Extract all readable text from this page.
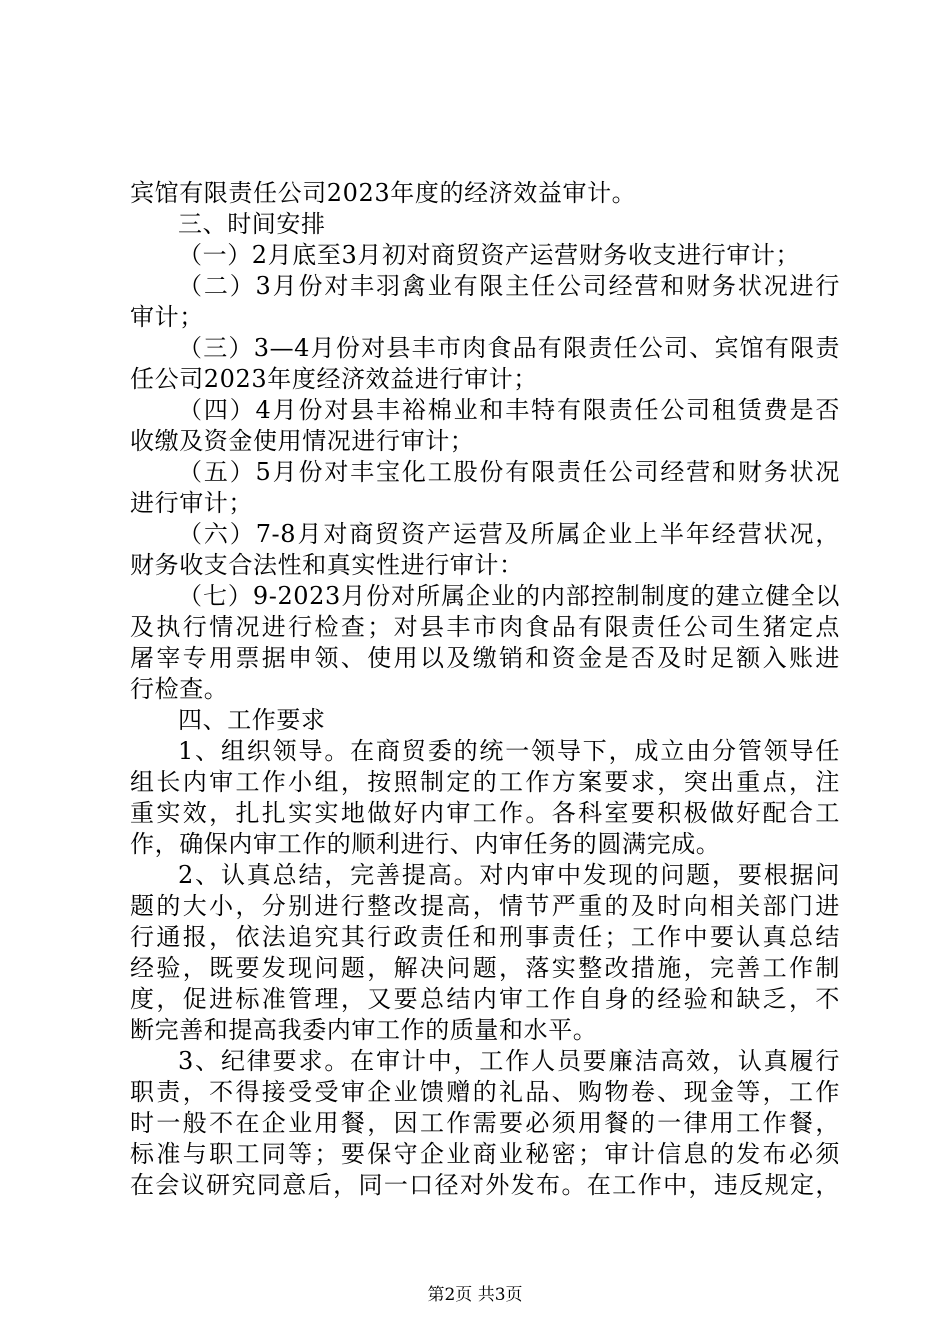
宾馆有限责任公司2023年度的经济效益审计。
三、时间安排
（一）2月底至3月初对商贸资产运营财务收支进行审计；
（二）3月份对丰羽禽业有限主任公司经营和财务状况进行
审计；
（三）3—4月份对县丰市肉食品有限责任公司、宾馆有限责
任公司2023年度经济效益进行审计；
（四）4月份对县丰裕棉业和丰特有限责任公司租赁费是否
收缴及资金使用情况进行审计；
（五）5月份对丰宝化工股份有限责任公司经营和财务状况
进行审计；
（六）7-8月对商贸资产运营及所属企业上半年经营状况，
财务收支合法性和真实性进行审计：
（七）9-2023月份对所属企业的内部控制制度的建立健全以
及执行情况进行检查；对县丰市肉食品有限责任公司生猪定点
屠宰专用票据申领、使用以及缴销和资金是否及时足额入账进
行检查。
四、工作要求
1、组织领导。在商贸委的统一领导下，成立由分管领导任
组长内审工作小组，按照制定的工作方案要求，突出重点，注
重实效，扎扎实实地做好内审工作。各科室要积极做好配合工
作，确保内审工作的顺利进行、内审任务的圆满完成。
2、认真总结，完善提高。对内审中发现的问题，要根据问
题的大小，分别进行整改提高，情节严重的及时向相关部门进
行通报，依法追究其行政责任和刑事责任；工作中要认真总结
经验，既要发现问题，解决问题，落实整改措施，完善工作制
度，促进标准管理，又要总结内审工作自身的经验和缺乏，不
断完善和提高我委内审工作的质量和水平。
3、纪律要求。在审计中，工作人员要廉洁高效，认真履行
职责，不得接受受审企业馈赠的礼品、购物卷、现金等，工作
时一般不在企业用餐，因工作需要必须用餐的一律用工作餐，
标准与职工同等；要保守企业商业秘密；审计信息的发布必须
在会议研究同意后，同一口径对外发布。在工作中，违反规定，
第2页 共3页
